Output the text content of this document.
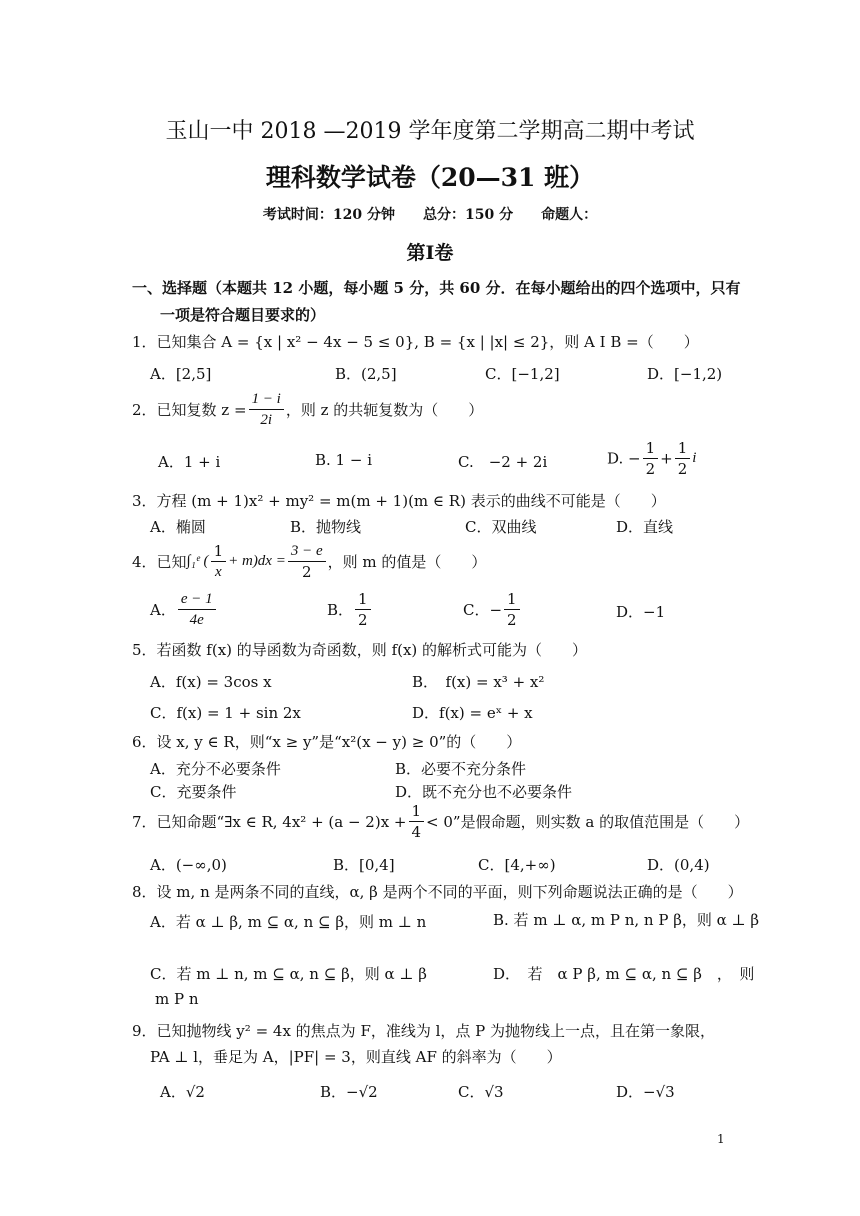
玉山一中 2018 —2019 学年度第二学期高二期中考试
理科数学试卷（20—31 班）
考试时间：120 分钟　　总分：150 分　　命题人：
第Ⅰ卷
一、选择题（本题共 12 小题，每小题 5 分，共 60 分．在每小题给出的四个选项中，只有
一项是符合题目要求的）
1．已知集合 A = {x | x² − 4x − 5 ≤ 0}, B = {x | |x| ≤ 2}，则 A Ι B =（　　）
A．[2,5]	B．(2,5]	C．[−1,2]	D．[−1,2)
2．已知复数 $z = \frac{1 - i}{2i}$ ，则 z 的共轭复数为（　　）
A．1 + i	B. 1 − i	C.　−2 + 2i	D. − $\frac{1}{2} + \frac{1}{2}$ i
3．方程 (m + 1)x² + my² = m(m + 1)(m ∈ R) 表示的曲线不可能是（　　）
A．椭圆	B．抛物线	C．双曲线	D．直线
4．已知∫₁ᵉ ( $\frac{1}{x} + m)dx = \frac{3 - e}{2}$ ，则 m 的值是（　　）
A． $\frac{e - 1}{4e}$	B． $\frac{1}{2}$	C．− $\frac{1}{2}$	D．−1
5．若函数 f(x) 的导函数为奇函数，则 f(x) 的解析式可能为（　　）
A．f(x) = 3cos x	B．　f(x) = x³ + x²
C．f(x) = 1 + sin 2x	D．f(x) = eˣ + x
6．设 x, y ∈ R，则“x ≥ y”是“x²(x − y) ≥ 0”的（　　）
A．充分不必要条件	B．必要不充分条件
C．充要条件	D．既不充分也不必要条件
7．已知命题“∃x ∈ R, $4x^2 + (a - 2)x + \frac{1}{4} < 0$”是假命题，则实数 a 的取值范围是（　　）
A．(−∞,0)	B．[0,4]	C．[4,+∞)	D．(0,4)
8．设 m, n 是两条不同的直线，α, β 是两个不同的平面，则下列命题说法正确的是（　　）
A．若 α ⊥ β, m ⊆ α, n ⊆ β，则 m ⊥ n	B. 若 m ⊥ α, m P n, n P β，则 α ⊥ β
C．若 m ⊥ n, m ⊆ α, n ⊆ β，则 α ⊥ β	D．　若　α P β, m ⊆ α, n ⊆ β　，　则
m P n
9．已知抛物线 y² = 4x 的焦点为 F，准线为 l，点 P 为抛物线上一点，且在第一象限，
PA ⊥ l，垂足为 A，|PF| = 3，则直线 AF 的斜率为（　　）
A．√2	B．−√2	C．√3	D．−√3
1
